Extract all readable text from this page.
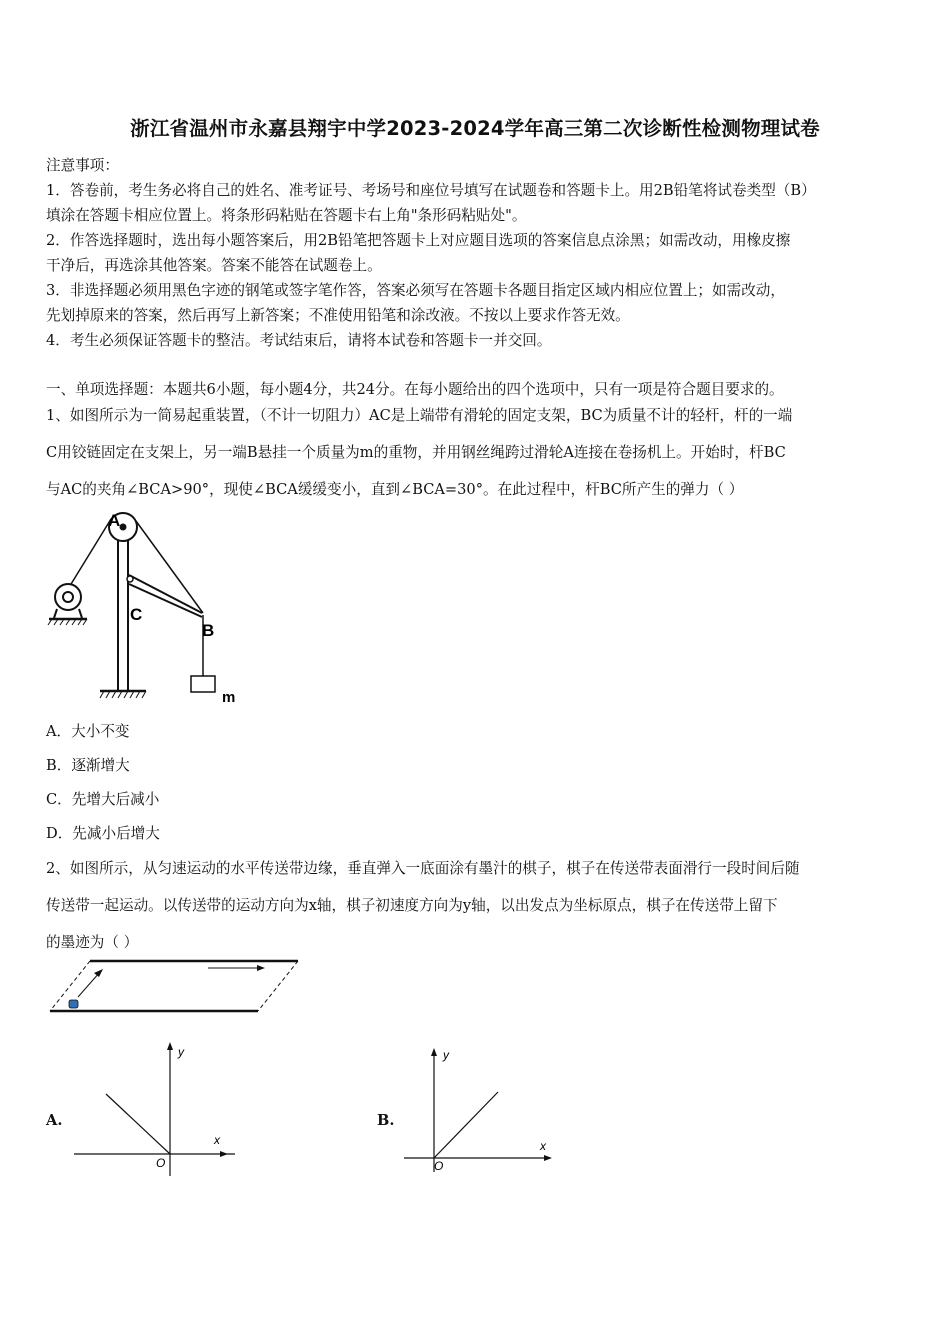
浙江省温州市永嘉县翔宇中学2023-2024学年高三第二次诊断性检测物理试卷
注意事项：
1．答卷前，考生务必将自己的姓名、准考证号、考场号和座位号填写在试题卷和答题卡上。用2B铅笔将试卷类型（B）
填涂在答题卡相应位置上。将条形码粘贴在答题卡右上角"条形码粘贴处"。
2．作答选择题时，选出每小题答案后，用2B铅笔把答题卡上对应题目选项的答案信息点涂黑；如需改动，用橡皮擦
干净后，再选涂其他答案。答案不能答在试题卷上。
3．非选择题必须用黑色字迹的钢笔或签字笔作答，答案必须写在答题卡各题目指定区域内相应位置上；如需改动，
先划掉原来的答案，然后再写上新答案；不准使用铅笔和涂改液。不按以上要求作答无效。
4．考生必须保证答题卡的整洁。考试结束后，请将本试卷和答题卡一并交回。
一、单项选择题：本题共6小题，每小题4分，共24分。在每小题给出的四个选项中，只有一项是符合题目要求的。
1、如图所示为一简易起重装置，（不计一切阻力）AC是上端带有滑轮的固定支架，BC为质量不计的轻杆，杆的一端
C用铰链固定在支架上，另一端B悬挂一个质量为m的重物，并用钢丝绳跨过滑轮A连接在卷扬机上。开始时，杆BC
与AC的夹角∠BCA>90°，现使∠BCA缓缓变小，直到∠BCA=30°。在此过程中，杆BC所产生的弹力（ ）
A
C
B
m
A．大小不变
B．逐渐增大
C．先增大后减小
D．先减小后增大
2、如图所示，从匀速运动的水平传送带边缘，垂直弹入一底面涂有墨汁的棋子，棋子在传送带表面滑行一段时间后随
传送带一起运动。以传送带的运动方向为x轴，棋子初速度方向为y轴，以出发点为坐标原点，棋子在传送带上留下
的墨迹为（ ）
A.
y
x
O
B.
y
x
O
